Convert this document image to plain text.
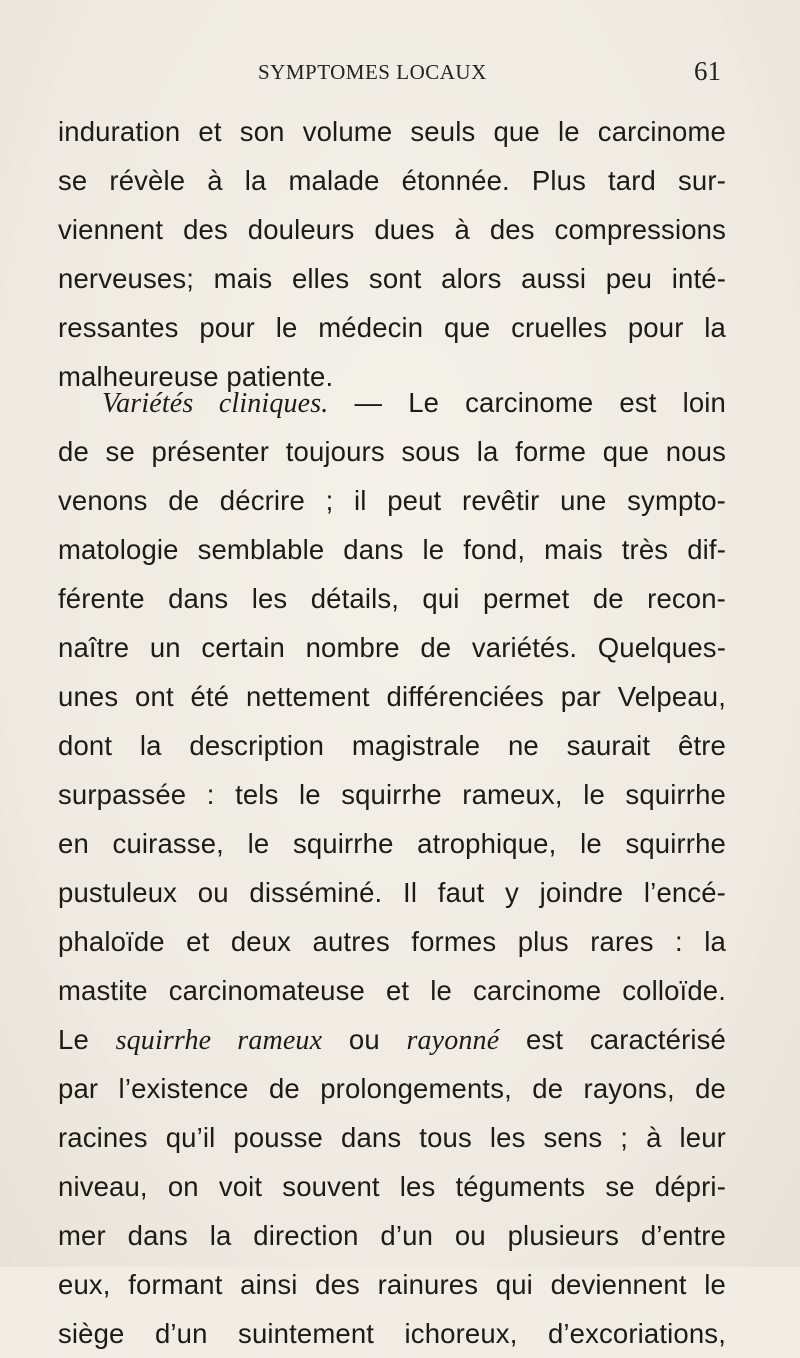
SYMPTOMES LOCAUX	61
induration et son volume seuls que le carcinome
se révèle à la malade étonnée. Plus tard sur-
viennent des douleurs dues à des compressions
nerveuses; mais elles sont alors aussi peu inté-
ressantes pour le médecin que cruelles pour la
malheureuse patiente.
Variétés cliniques. — Le carcinome est loin
de se présenter toujours sous la forme que nous
venons de décrire ; il peut revêtir une sympto-
matologie semblable dans le fond, mais très dif-
férente dans les détails, qui permet de recon-
naître un certain nombre de variétés. Quelques-
unes ont été nettement différenciées par Velpeau,
dont la description magistrale ne saurait être
surpassée : tels le squirrhe rameux, le squirrhe
en cuirasse, le squirrhe atrophique, le squirrhe
pustuleux ou disséminé. Il faut y joindre l’encé-
phaloïde et deux autres formes plus rares : la
mastite carcinomateuse et le carcinome colloïde.
Le squirrhe rameux ou rayonné est caractérisé
par l’existence de prolongements, de rayons, de
racines qu’il pousse dans tous les sens ; à leur
niveau, on voit souvent les téguments se dépri-
mer dans la direction d’un ou plusieurs d’entre
eux, formant ainsi des rainures qui deviennent le
siège d’un suintement ichoreux, d’excoriations,
